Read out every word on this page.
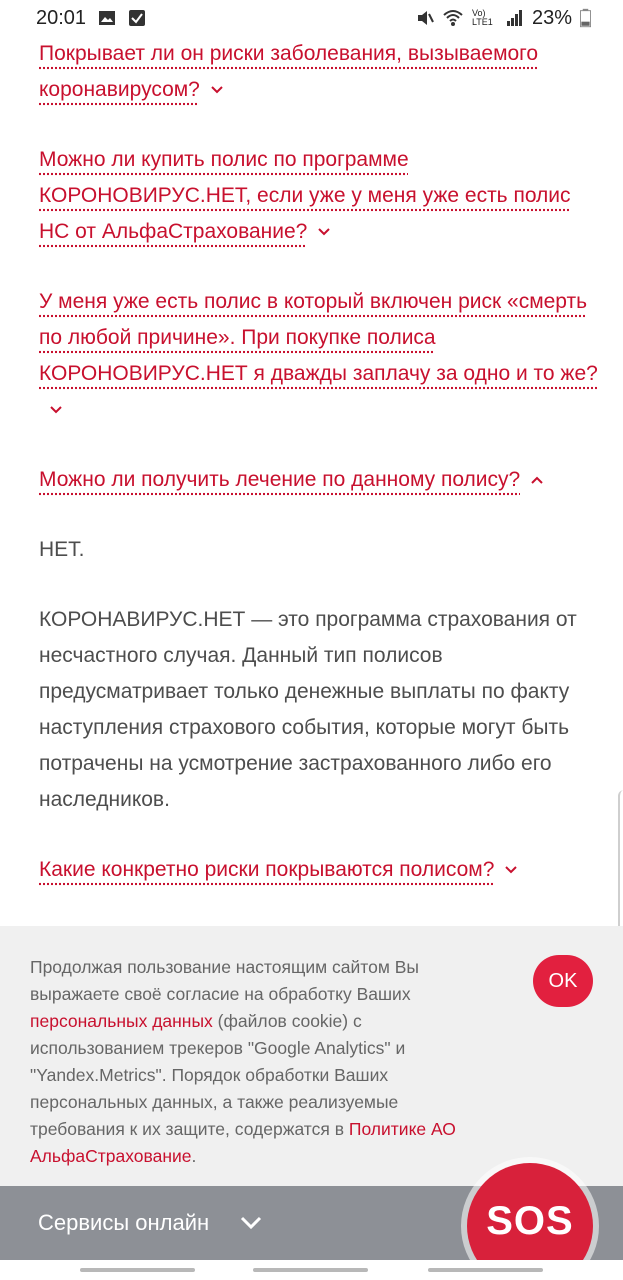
20:01	Vo) LTE1 23%
Покрывает ли он риски заболевания, вызываемого коронавирусом?
Можно ли купить полис по программе КОРОНОВИРУС.НЕТ, если уже у меня уже есть полис НС от АльфаСтрахование?
У меня уже есть полис в который включен риск «смерть по любой причине». При покупке полиса КОРОНОВИРУС.НЕТ я дважды заплачу за одно и то же?
Можно ли получить лечение по данному полису?
НЕТ.
КОРОНАВИРУС.НЕТ — это программа страхования от несчастного случая. Данный тип полисов предусматривает только денежные выплаты по факту наступления страхового события, которые могут быть потрачены на усмотрение застрахованного либо его наследников.
Какие конкретно риски покрываются полисом?
Продолжая пользование настоящим сайтом Вы выражаете своё согласие на обработку Ваших персональных данных (файлов cookie) с использованием трекеров "Google Analytics" и "Yandex.Metrics". Порядок обработки Ваших персональных данных, а также реализуемые требования к их защите, содержатся в Политике АО АльфаСтрахование.
OK
Сервисы онлайн	SOS
